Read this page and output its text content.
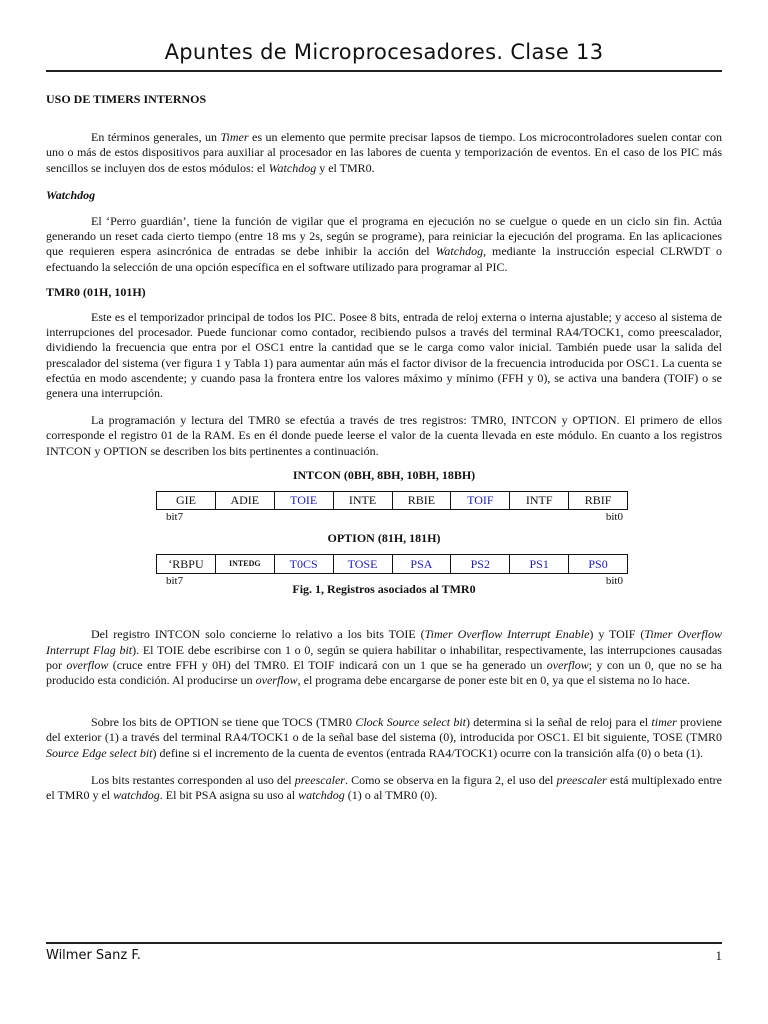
Apuntes de Microprocesadores. Clase 13
USO DE TIMERS INTERNOS

En términos generales, un Timer es un elemento que permite precisar lapsos de tiempo. Los microcontroladores suelen contar con uno o más de estos dispositivos para auxiliar al procesador en las labores de cuenta y temporización de eventos. En el caso de los PIC más sencillos se incluyen dos de estos módulos: el Watchdog y el TMR0.

Watchdog

El ‘Perro guardián’, tiene la función de vigilar que el programa en ejecución no se cuelgue o quede en un ciclo sin fin. Actúa generando un reset cada cierto tiempo (entre 18 ms y 2s, según se programe), para reiniciar la ejecución del programa. En las aplicaciones que requieren espera asincrónica de entradas se debe inhibir la acción del Watchdog, mediante la instrucción especial CLRWDT o efectuando la selección de una opción específica en el software utilizado para programar al PIC.

TMR0 (01H, 101H)

Este es el temporizador principal de todos los PIC. Posee 8 bits, entrada de reloj externa o interna ajustable; y acceso al sistema de interrupciones del procesador. Puede funcionar como contador, recibiendo pulsos a través del terminal RA4/TOCK1, como preescalador, dividiendo la frecuencia que entra por el OSC1 entre la cantidad que se le carga como valor inicial. También puede usar la salida del prescalador del sistema (ver figura 1 y Tabla 1) para aumentar aún más el factor divisor de la frecuencia introducida por OSC1. La cuenta se efectúa en modo ascendente; y cuando pasa la frontera entre los valores máximo y mínimo (FFH y 0), se activa una bandera (TOIF) o se genera una interrupción.

La programación y lectura del TMR0 se efectúa a través de tres registros: TMR0, INTCON y OPTION. El primero de ellos corresponde el registro 01 de la RAM. Es en él donde puede leerse el valor de la cuenta llevada en este módulo. En cuanto a los registros INTCON y OPTION se describen los bits pertinentes a continuación.

INTCON (0BH, 8BH, 10BH, 18BH)
GIE	ADIE	TOIE	INTE	RBIE	TOIF	INTF	RBIF
bit7	bit0
OPTION (81H, 181H)
‘RBPU	INTEDG	T0CS	TOSE	PSA	PS2	PS1	PS0
bit7	bit0
Fig. 1, Registros asociados al TMR0

Del registro INTCON solo concierne lo relativo a los bits TOIE (Timer Overflow Interrupt Enable) y TOIF (Timer Overflow Interrupt Flag bit). El TOIE debe escribirse con 1 o 0, según se quiera habilitar o inhabilitar, respectivamente, las interrupciones causadas por overflow (cruce entre FFH y 0H) del TMR0. El TOIF indicará con un 1 que se ha generado un overflow; y con un 0, que no se ha producido esta condición. Al producirse un overflow, el programa debe encargarse de poner este bit en 0, ya que el sistema no lo hace.

Sobre los bits de OPTION se tiene que TOCS (TMR0 Clock Source select bit) determina si la señal de reloj para el timer proviene del exterior (1) a través del terminal RA4/TOCK1 o de la señal base del sistema (0), introducida por OSC1. El bit siguiente, TOSE (TMR0 Source Edge select bit) define si el incremento de la cuenta de eventos (entrada RA4/TOCK1) ocurre con la transición alfa (0) o beta (1).

Los bits restantes corresponden al uso del preescaler. Como se observa en la figura 2, el uso del preescaler está multiplexado entre el TMR0 y el watchdog. El bit PSA asigna su uso al watchdog (1) o al TMR0 (0).

Wilmer Sanz F.	1
